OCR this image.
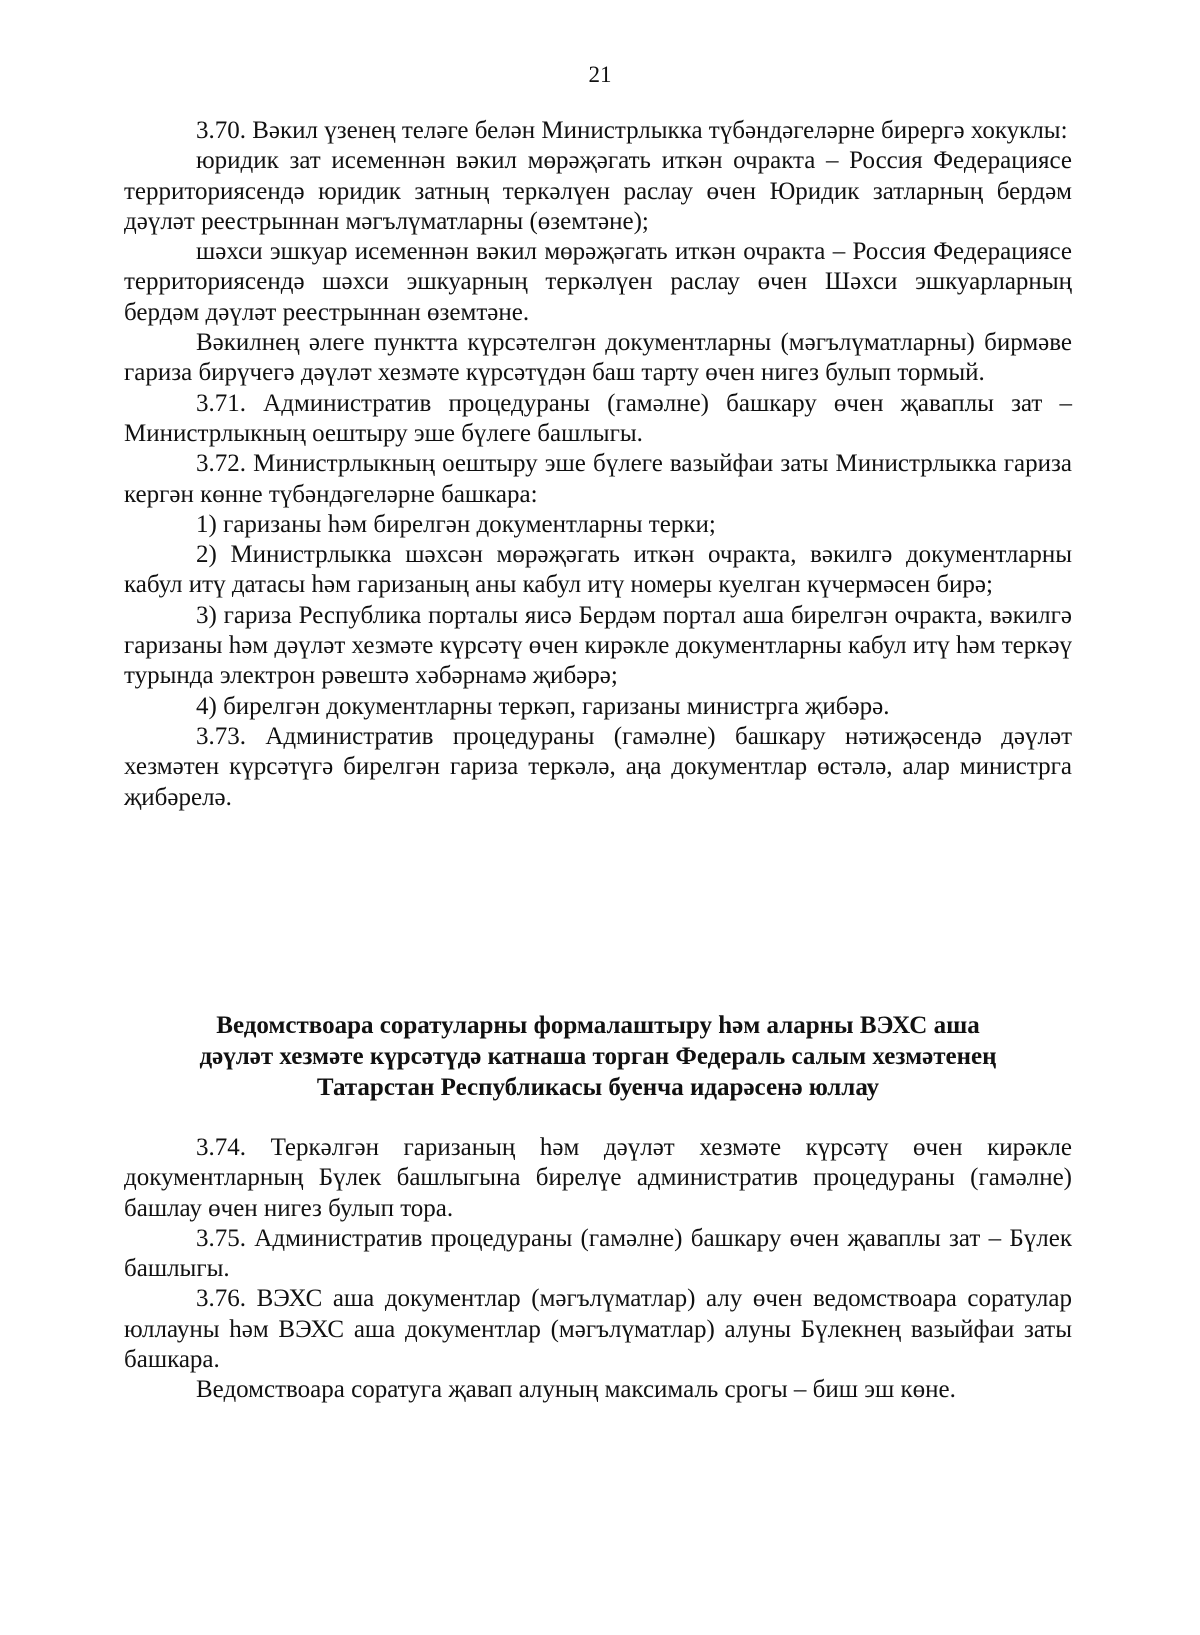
21

3.70. Вәкил үзенең теләге белән Министрлыкка түбәндәгеләрне бирергә хокуклы:

юридик зат исеменнән вәкил мөрәҗәгать иткән очракта – Россия Федерациясе территориясендә юридик затның теркәлүен раслау өчен Юридик затларның бердәм дәүләт реестрыннан мәгълүматларны (өземтәне);

шәхси эшкуар исеменнән вәкил мөрәҗәгать иткән очракта – Россия Федерациясе территориясендә шәхси эшкуарның теркәлүен раслау өчен Шәхси эшкуарларның бердәм дәүләт реестрыннан өземтәне.

Вәкилнең әлеге пунктта күрсәтелгән документларны (мәгълүматларны) бирмәве гариза бирүчегә дәүләт хезмәте күрсәтүдән баш тарту өчен нигез булып тормый.

3.71. Административ процедураны (гамәлне) башкару өчен җаваплы зат – Министрлыкның оештыру эше бүлеге башлыгы.

3.72. Министрлыкның оештыру эше бүлеге вазыйфаи заты Министрлыкка гариза кергән көнне түбәндәгеләрне башкара:

1) гаризаны һәм бирелгән документларны терки;

2) Министрлыкка шәхсән мөрәҗәгать иткән очракта, вәкилгә документларны кабул итү датасы һәм гаризаның аны кабул итү номеры куелган күчермәсен бирә;

3) гариза Республика порталы яисә Бердәм портал аша бирелгән очракта, вәкилгә гаризаны һәм дәүләт хезмәте күрсәтү өчен кирәкле документларны кабул итү һәм теркәү турында электрон рәвештә хәбәрнамә җибәрә;

4) бирелгән документларны теркәп, гаризаны министрга җибәрә.

3.73. Административ процедураны (гамәлне) башкару нәтиҗәсендә дәүләт хезмәтен күрсәтүгә бирелгән гариза теркәлә, аңа документлар өстәлә, алар министрга җибәрелә.

Ведомствоара соратуларны формалаштыру һәм аларны ВЭХС аша
дәүләт хезмәте күрсәтүдә катнаша торган Федераль салым хезмәтенең
Татарстан Республикасы буенча идарәсенә юллау

3.74. Теркәлгән гаризаның һәм дәүләт хезмәте күрсәтү өчен кирәкле документларның Бүлек башлыгына бирелүе административ процедураны (гамәлне) башлау өчен нигез булып тора.

3.75. Административ процедураны (гамәлне) башкару өчен җаваплы зат – Бүлек башлыгы.

3.76. ВЭХС аша документлар (мәгълүматлар) алу өчен ведомствоара соратулар юллауны һәм ВЭХС аша документлар (мәгълүматлар) алуны Бүлекнең вазыйфаи заты башкара.

Ведомствоара соратуга җавап алуның максималь срогы – биш эш көне.
